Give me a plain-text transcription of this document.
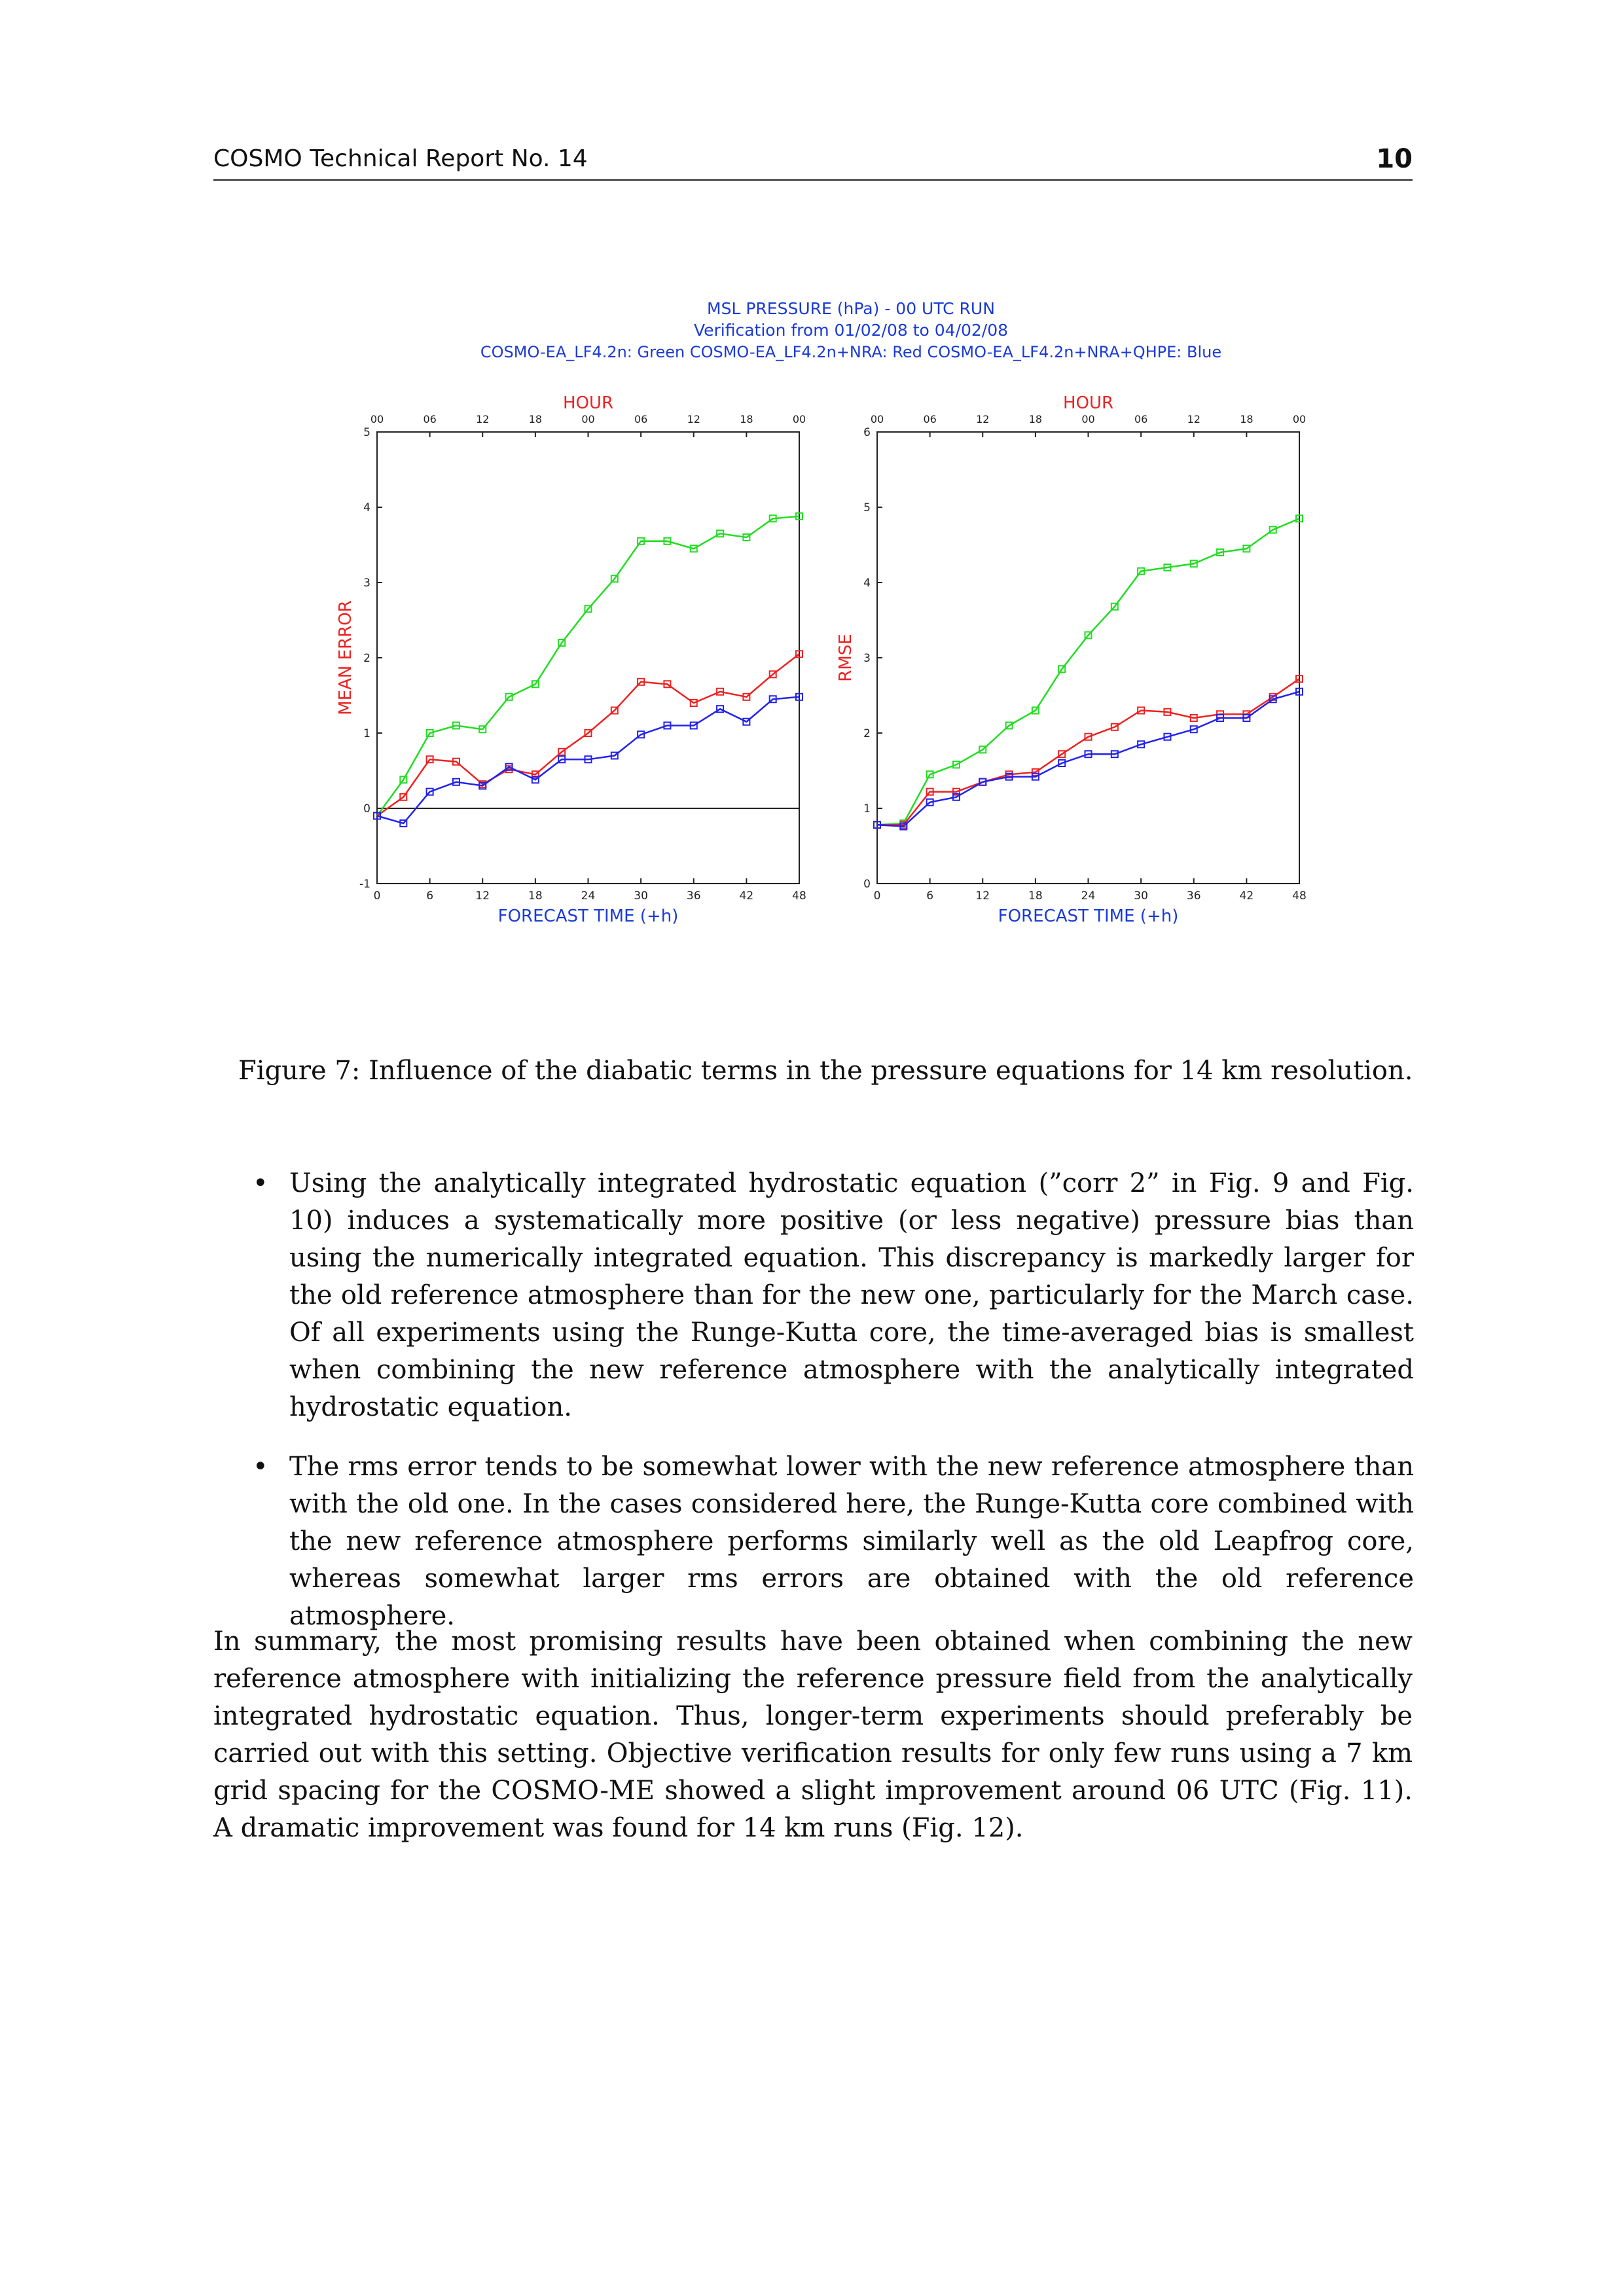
COSMO Technical Report No. 14	10
MSL PRESSURE (hPa) - 00 UTC RUN
Verification from 01/02/08 to 04/02/08
COSMO-EA_LF4.2n: Green COSMO-EA_LF4.2n+NRA: Red COSMO-EA_LF4.2n+NRA+QHPE: Blue
0	6	12	18	24	30	36	42	48
00	06	12	18	00	06	12	18	00
HOUR
-1
0
1
2
3
4
5
FORECAST TIME (+h)
MEAN ERROR
0	6	12	18	24	30	36	42	48
00	06	12	18	00	06	12	18	00
HOUR
0
1
2
3
4
5
6
FORECAST TIME (+h)
RMSE
Figure 7: Influence of the diabatic terms in the pressure equations for 14 km resolution.
• Using the analytically integrated hydrostatic equation (”corr 2” in Fig. 9 and Fig. 10) induces a systematically more positive (or less negative) pressure bias than using the numerically integrated equation. This discrepancy is markedly larger for the old reference atmosphere than for the new one, particularly for the March case. Of all experiments using the Runge-Kutta core, the time-averaged bias is smallest when combining the new reference atmosphere with the analytically integrated hydrostatic equation.

• The rms error tends to be somewhat lower with the new reference atmosphere than with the old one. In the cases considered here, the Runge-Kutta core combined with the new reference atmosphere performs similarly well as the old Leapfrog core, whereas somewhat larger rms errors are obtained with the old reference atmosphere.

In summary, the most promising results have been obtained when combining the new reference atmosphere with initializing the reference pressure field from the analytically integrated hydrostatic equation. Thus, longer-term experiments should preferably be carried out with this setting. Objective verification results for only few runs using a 7 km grid spacing for the COSMO-ME showed a slight improvement around 06 UTC (Fig. 11). A dramatic improvement was found for 14 km runs (Fig. 12).
